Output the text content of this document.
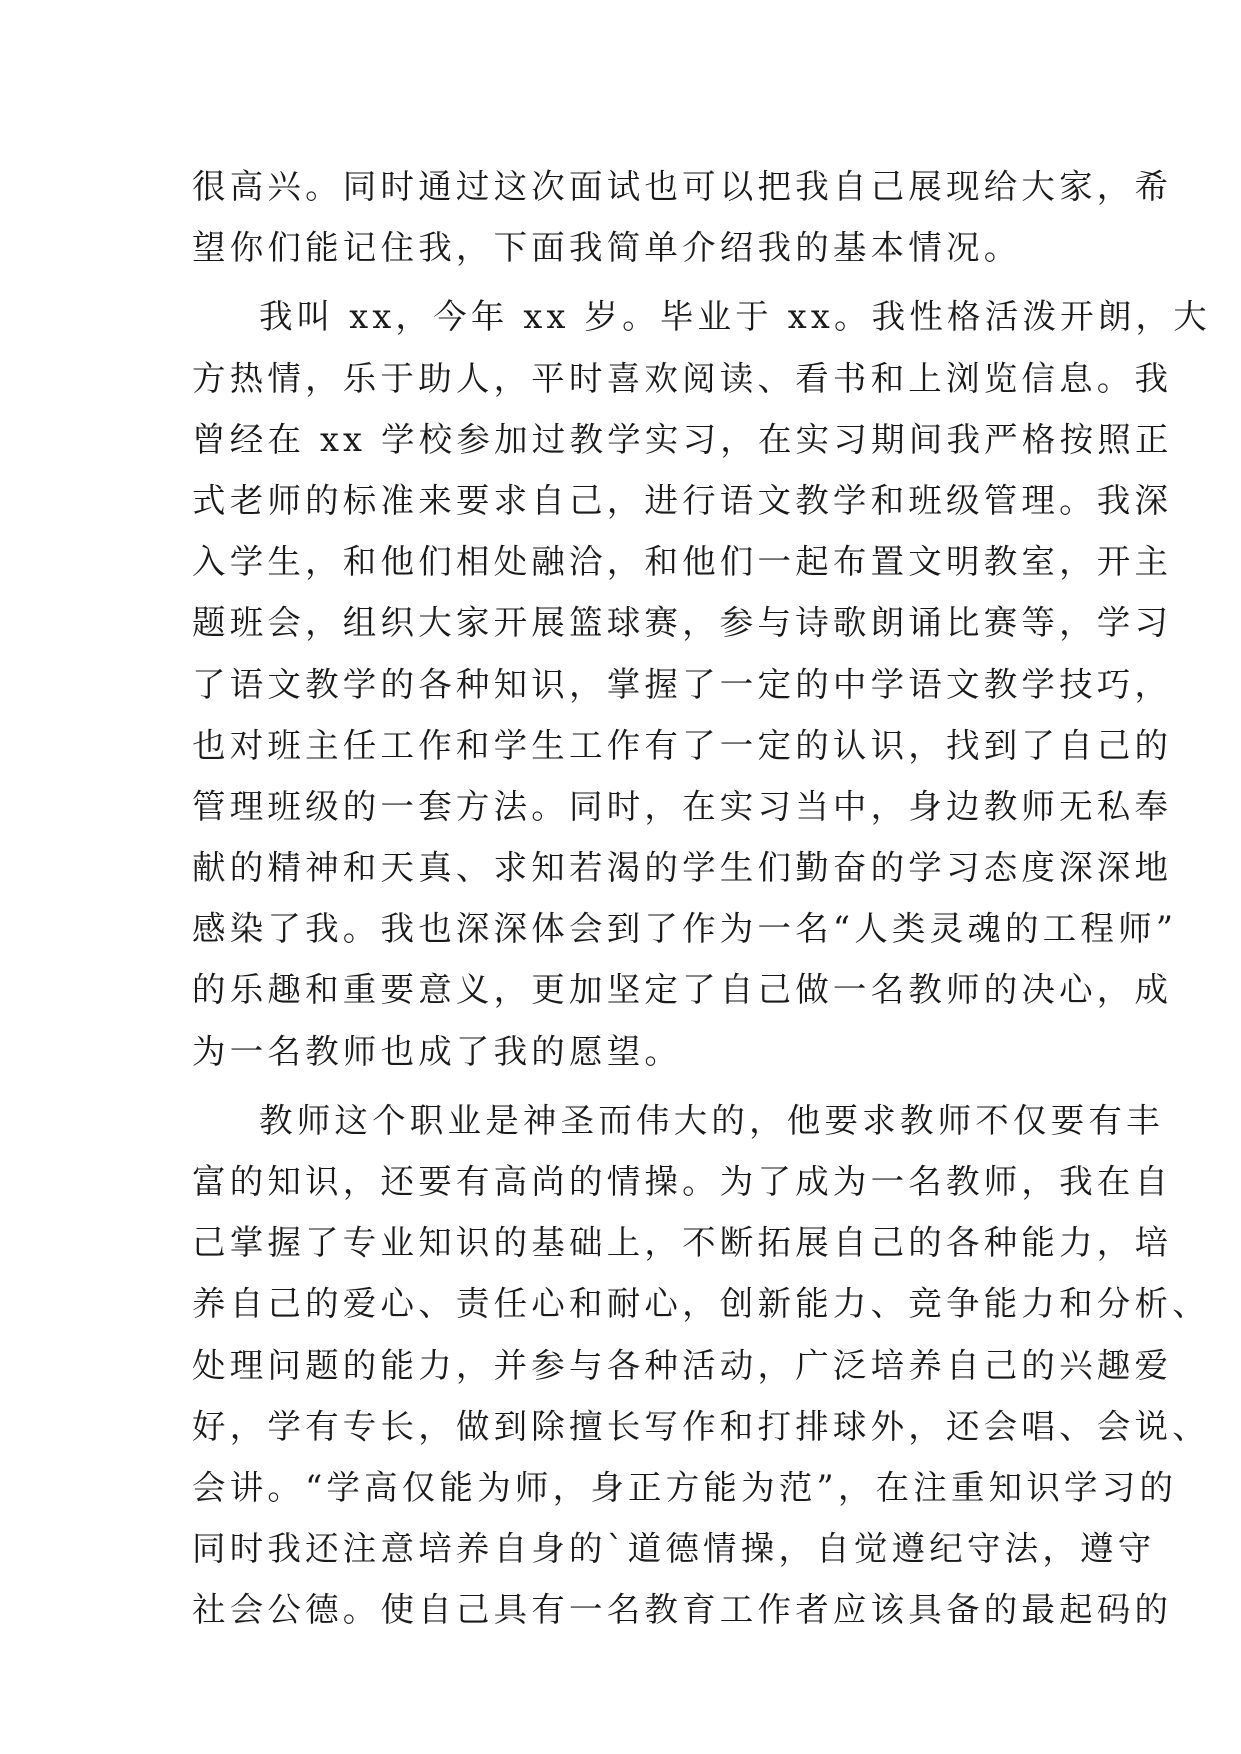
很高兴。同时通过这次面试也可以把我自己展现给大家，希
望你们能记住我，下面我简单介绍我的基本情况。
我叫 xx，今年 xx 岁。毕业于 xx。我性格活泼开朗，大
方热情，乐于助人，平时喜欢阅读、看书和上浏览信息。我
曾经在 xx 学校参加过教学实习，在实习期间我严格按照正
式老师的标准来要求自己，进行语文教学和班级管理。我深
入学生，和他们相处融洽，和他们一起布置文明教室，开主
题班会，组织大家开展篮球赛，参与诗歌朗诵比赛等，学习
了语文教学的各种知识，掌握了一定的中学语文教学技巧，
也对班主任工作和学生工作有了一定的认识，找到了自己的
管理班级的一套方法。同时，在实习当中，身边教师无私奉
献的精神和天真、求知若渴的学生们勤奋的学习态度深深地
感染了我。我也深深体会到了作为一名“人类灵魂的工程师”
的乐趣和重要意义，更加坚定了自己做一名教师的决心，成
为一名教师也成了我的愿望。
教师这个职业是神圣而伟大的，他要求教师不仅要有丰
富的知识，还要有高尚的情操。为了成为一名教师，我在自
己掌握了专业知识的基础上，不断拓展自己的各种能力，培
养自己的爱心、责任心和耐心，创新能力、竞争能力和分析、
处理问题的能力，并参与各种活动，广泛培养自己的兴趣爱
好，学有专长，做到除擅长写作和打排球外，还会唱、会说、
会讲。“学高仅能为师，身正方能为范”，在注重知识学习的
同时我还注意培养自身的`道德情操，自觉遵纪守法，遵守
社会公德。使自己具有一名教育工作者应该具备的最起码的
